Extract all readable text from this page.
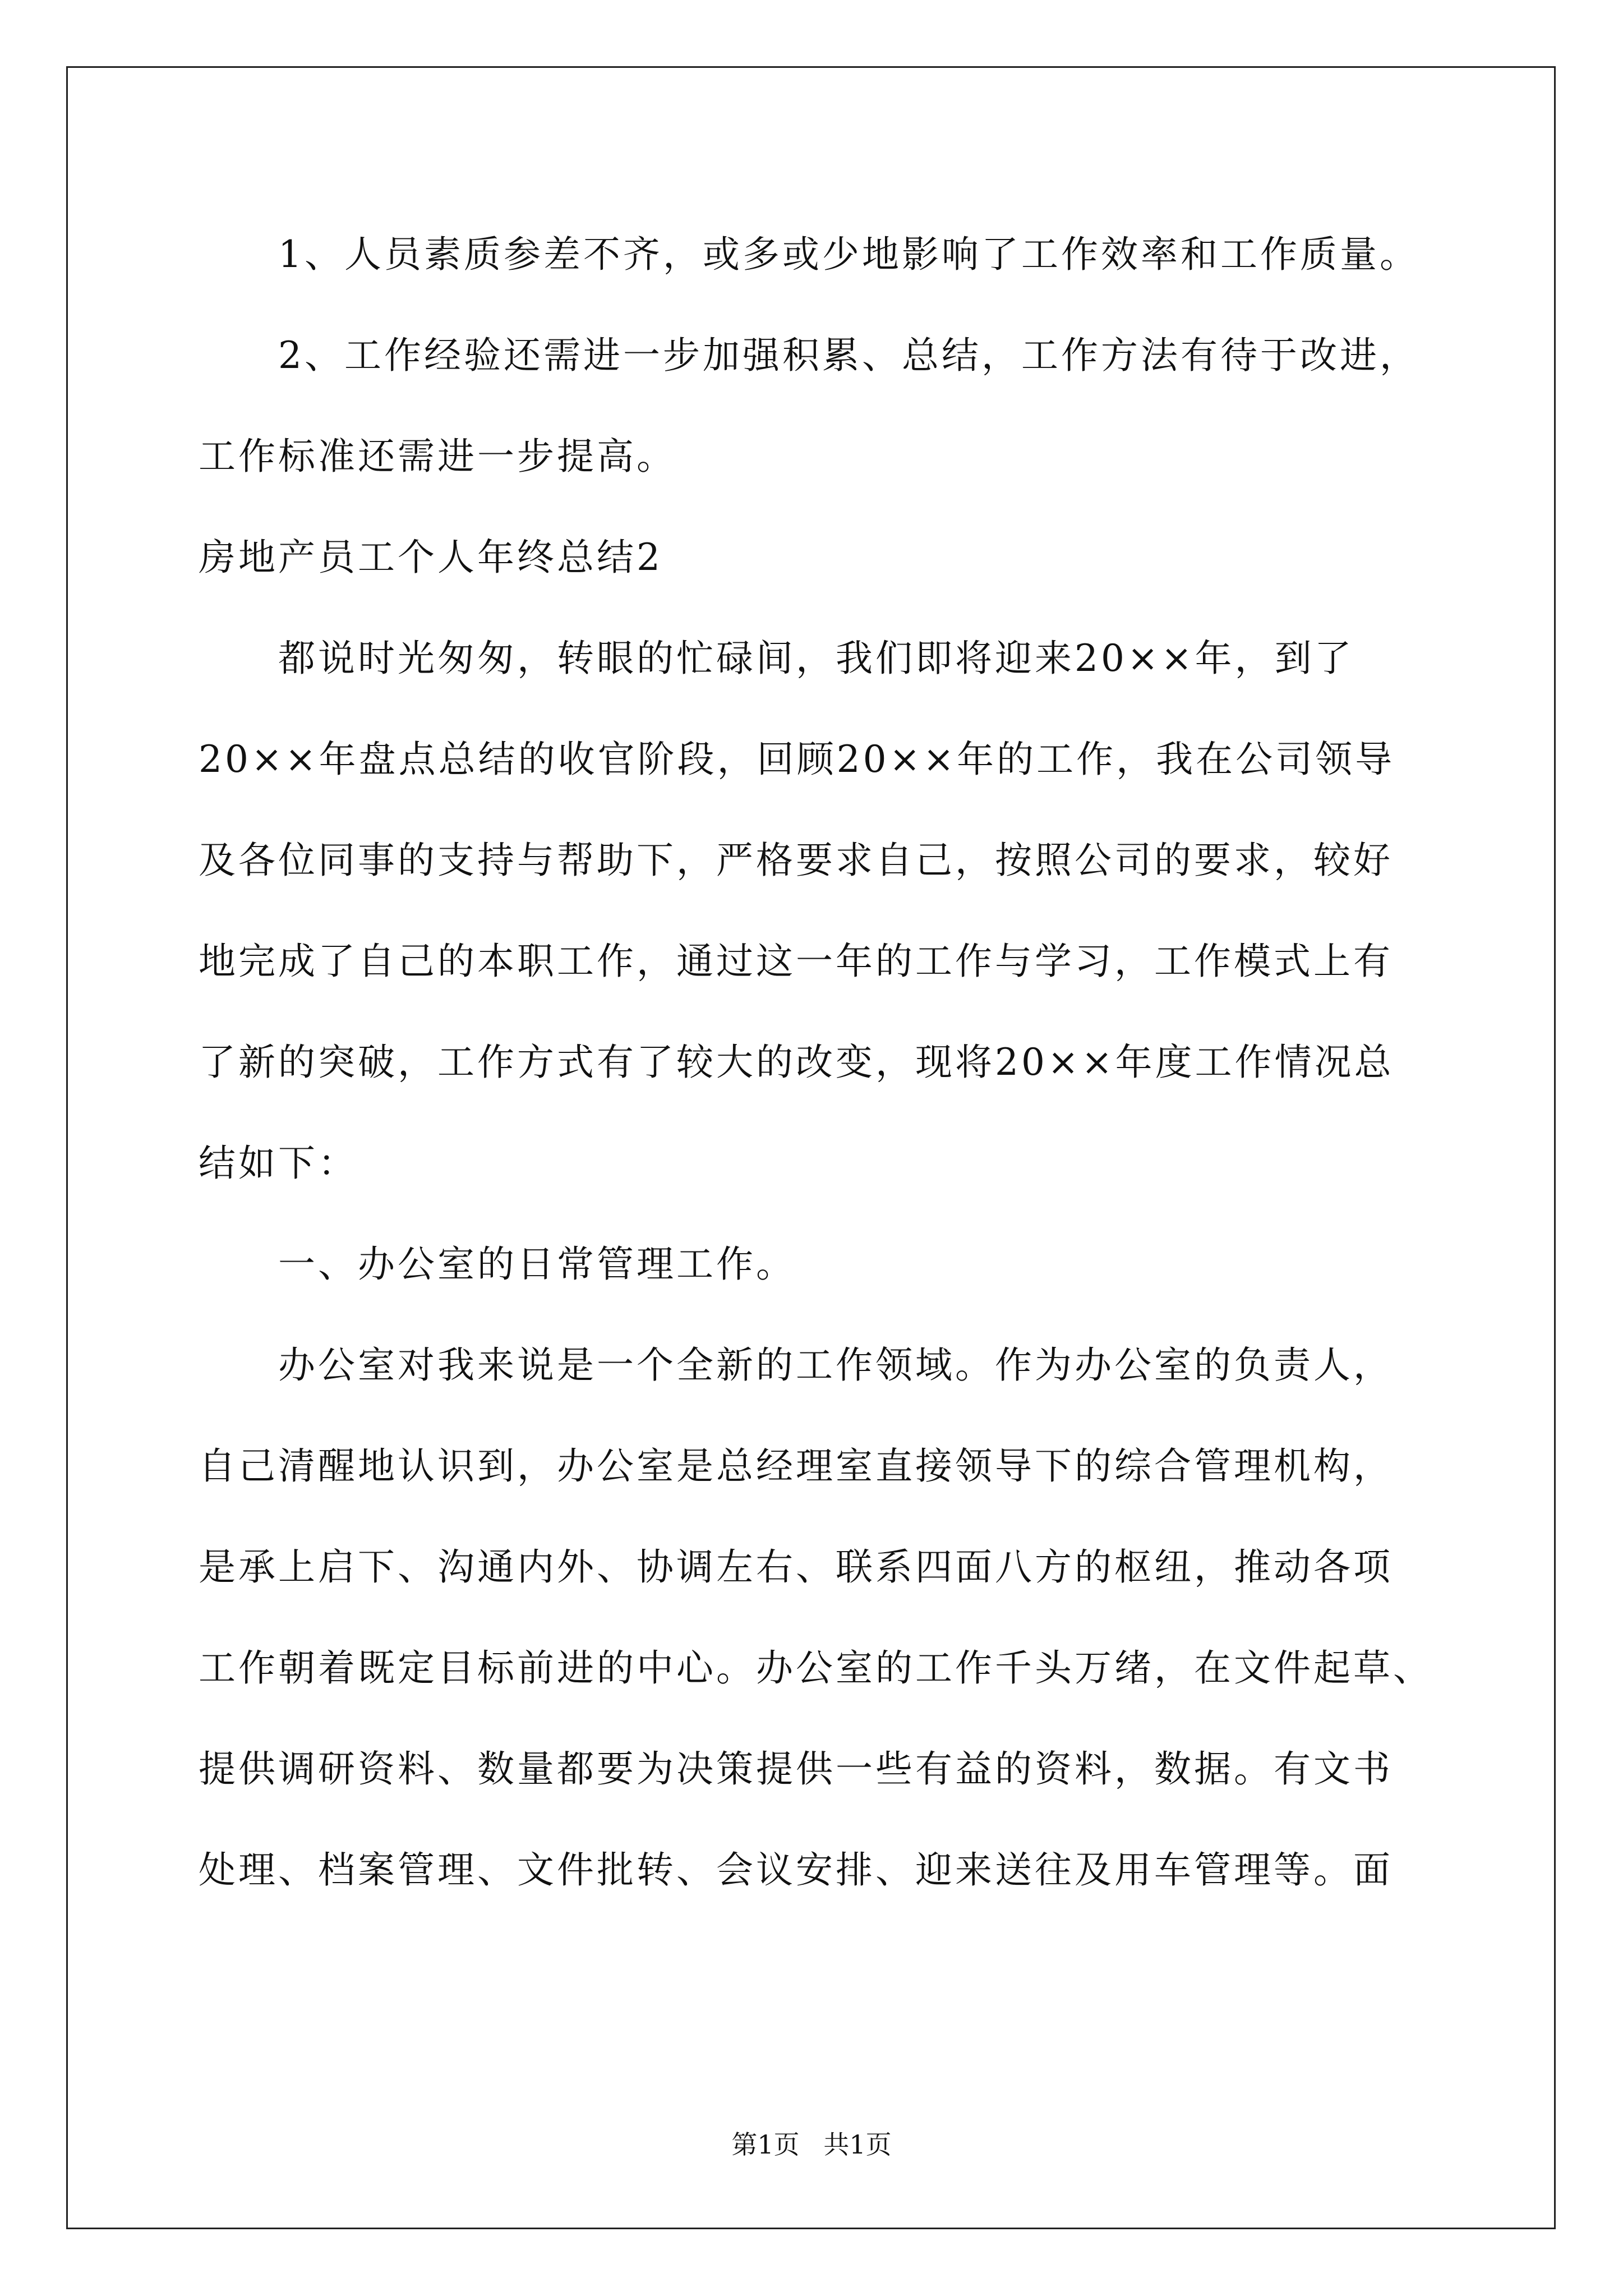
1、人员素质参差不齐，或多或少地影响了工作效率和工作质量。
2、工作经验还需进一步加强积累、总结，工作方法有待于改进，
工作标准还需进一步提高。
房地产员工个人年终总结2
都说时光匆匆，转眼的忙碌间，我们即将迎来20××年，到了
20××年盘点总结的收官阶段，回顾20××年的工作，我在公司领导
及各位同事的支持与帮助下，严格要求自己，按照公司的要求，较好
地完成了自己的本职工作，通过这一年的工作与学习，工作模式上有
了新的突破，工作方式有了较大的改变，现将20××年度工作情况总
结如下：
一、办公室的日常管理工作。
办公室对我来说是一个全新的工作领域。作为办公室的负责人，
自己清醒地认识到，办公室是总经理室直接领导下的综合管理机构，
是承上启下、沟通内外、协调左右、联系四面八方的枢纽，推动各项
工作朝着既定目标前进的中心。办公室的工作千头万绪，在文件起草、
提供调研资料、数量都要为决策提供一些有益的资料，数据。有文书
处理、档案管理、文件批转、会议安排、迎来送往及用车管理等。面
第1页 共1页
